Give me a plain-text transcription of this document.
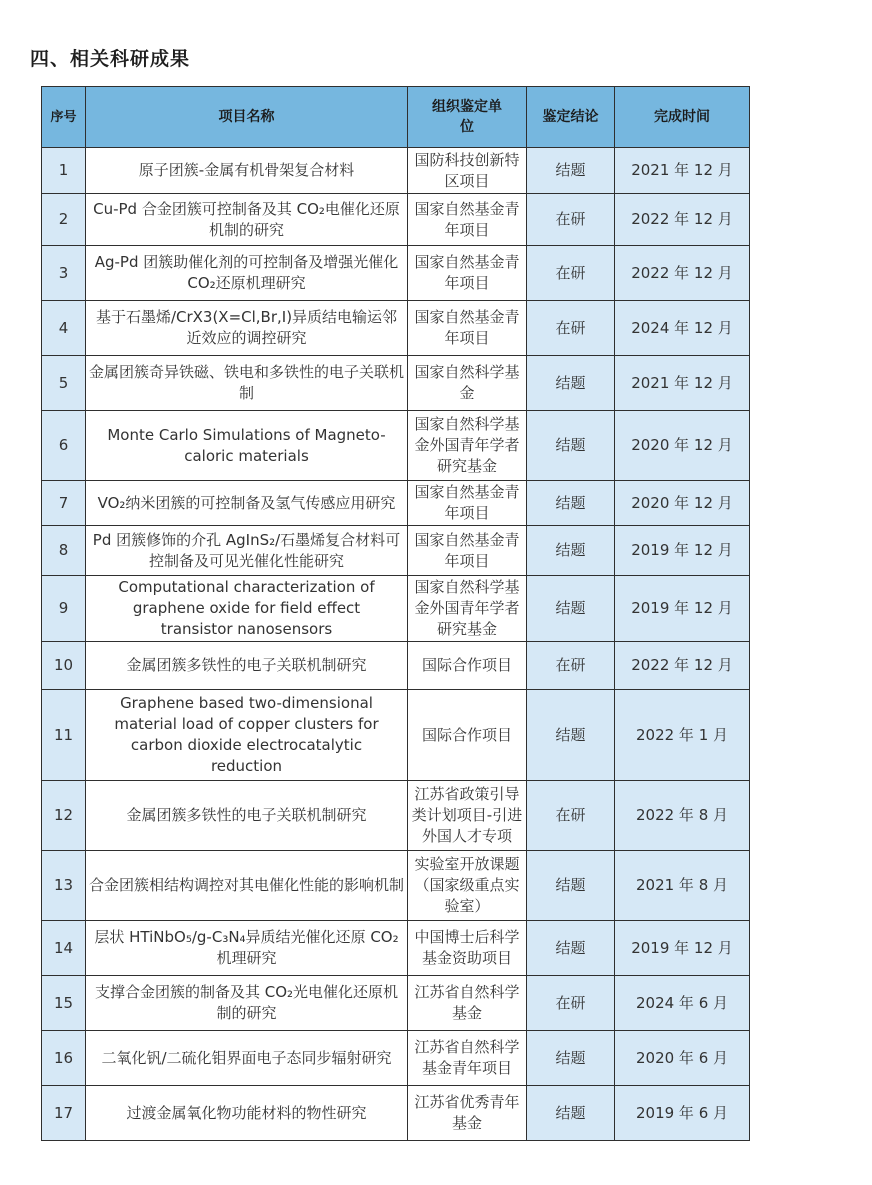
四、相关科研成果
序号	项目名称	组织鉴定单位	鉴定结论	完成时间
1	原子团簇-金属有机骨架复合材料	国防科技创新特区项目	结题	2021 年 12 月
2	Cu-Pd 合金团簇可控制备及其 CO₂电催化还原机制的研究	国家自然基金青年项目	在研	2022 年 12 月
3	Ag-Pd 团簇助催化剂的可控制备及增强光催化 CO₂还原机理研究	国家自然基金青年项目	在研	2022 年 12 月
4	基于石墨烯/CrX3(X=Cl,Br,I)异质结电输运邻近效应的调控研究	国家自然基金青年项目	在研	2024 年 12 月
5	金属团簇奇异铁磁、铁电和多铁性的电子关联机制	国家自然科学基金	结题	2021 年 12 月
6	Monte Carlo Simulations of Magneto-caloric materials	国家自然科学基金外国青年学者研究基金	结题	2020 年 12 月
7	VO₂纳米团簇的可控制备及氢气传感应用研究	国家自然基金青年项目	结题	2020 年 12 月
8	Pd 团簇修饰的介孔 AgInS₂/石墨烯复合材料可控制备及可见光催化性能研究	国家自然基金青年项目	结题	2019 年 12 月
9	Computational characterization of graphene oxide for field effect transistor nanosensors	国家自然科学基金外国青年学者研究基金	结题	2019 年 12 月
10	金属团簇多铁性的电子关联机制研究	国际合作项目	在研	2022 年 12 月
11	Graphene based two-dimensional material load of copper clusters for carbon dioxide electrocatalytic reduction	国际合作项目	结题	2022 年 1 月
12	金属团簇多铁性的电子关联机制研究	江苏省政策引导类计划项目-引进外国人才专项	在研	2022 年 8 月
13	合金团簇相结构调控对其电催化性能的影响机制	实验室开放课题（国家级重点实验室）	结题	2021 年 8 月
14	层状 HTiNbO₅/g-C₃N₄异质结光催化还原 CO₂机理研究	中国博士后科学基金资助项目	结题	2019 年 12 月
15	支撑合金团簇的制备及其 CO₂光电催化还原机制的研究	江苏省自然科学基金	在研	2024 年 6 月
16	二氧化钒/二硫化钼界面电子态同步辐射研究	江苏省自然科学基金青年项目	结题	2020 年 6 月
17	过渡金属氧化物功能材料的物性研究	江苏省优秀青年基金	结题	2019 年 6 月
